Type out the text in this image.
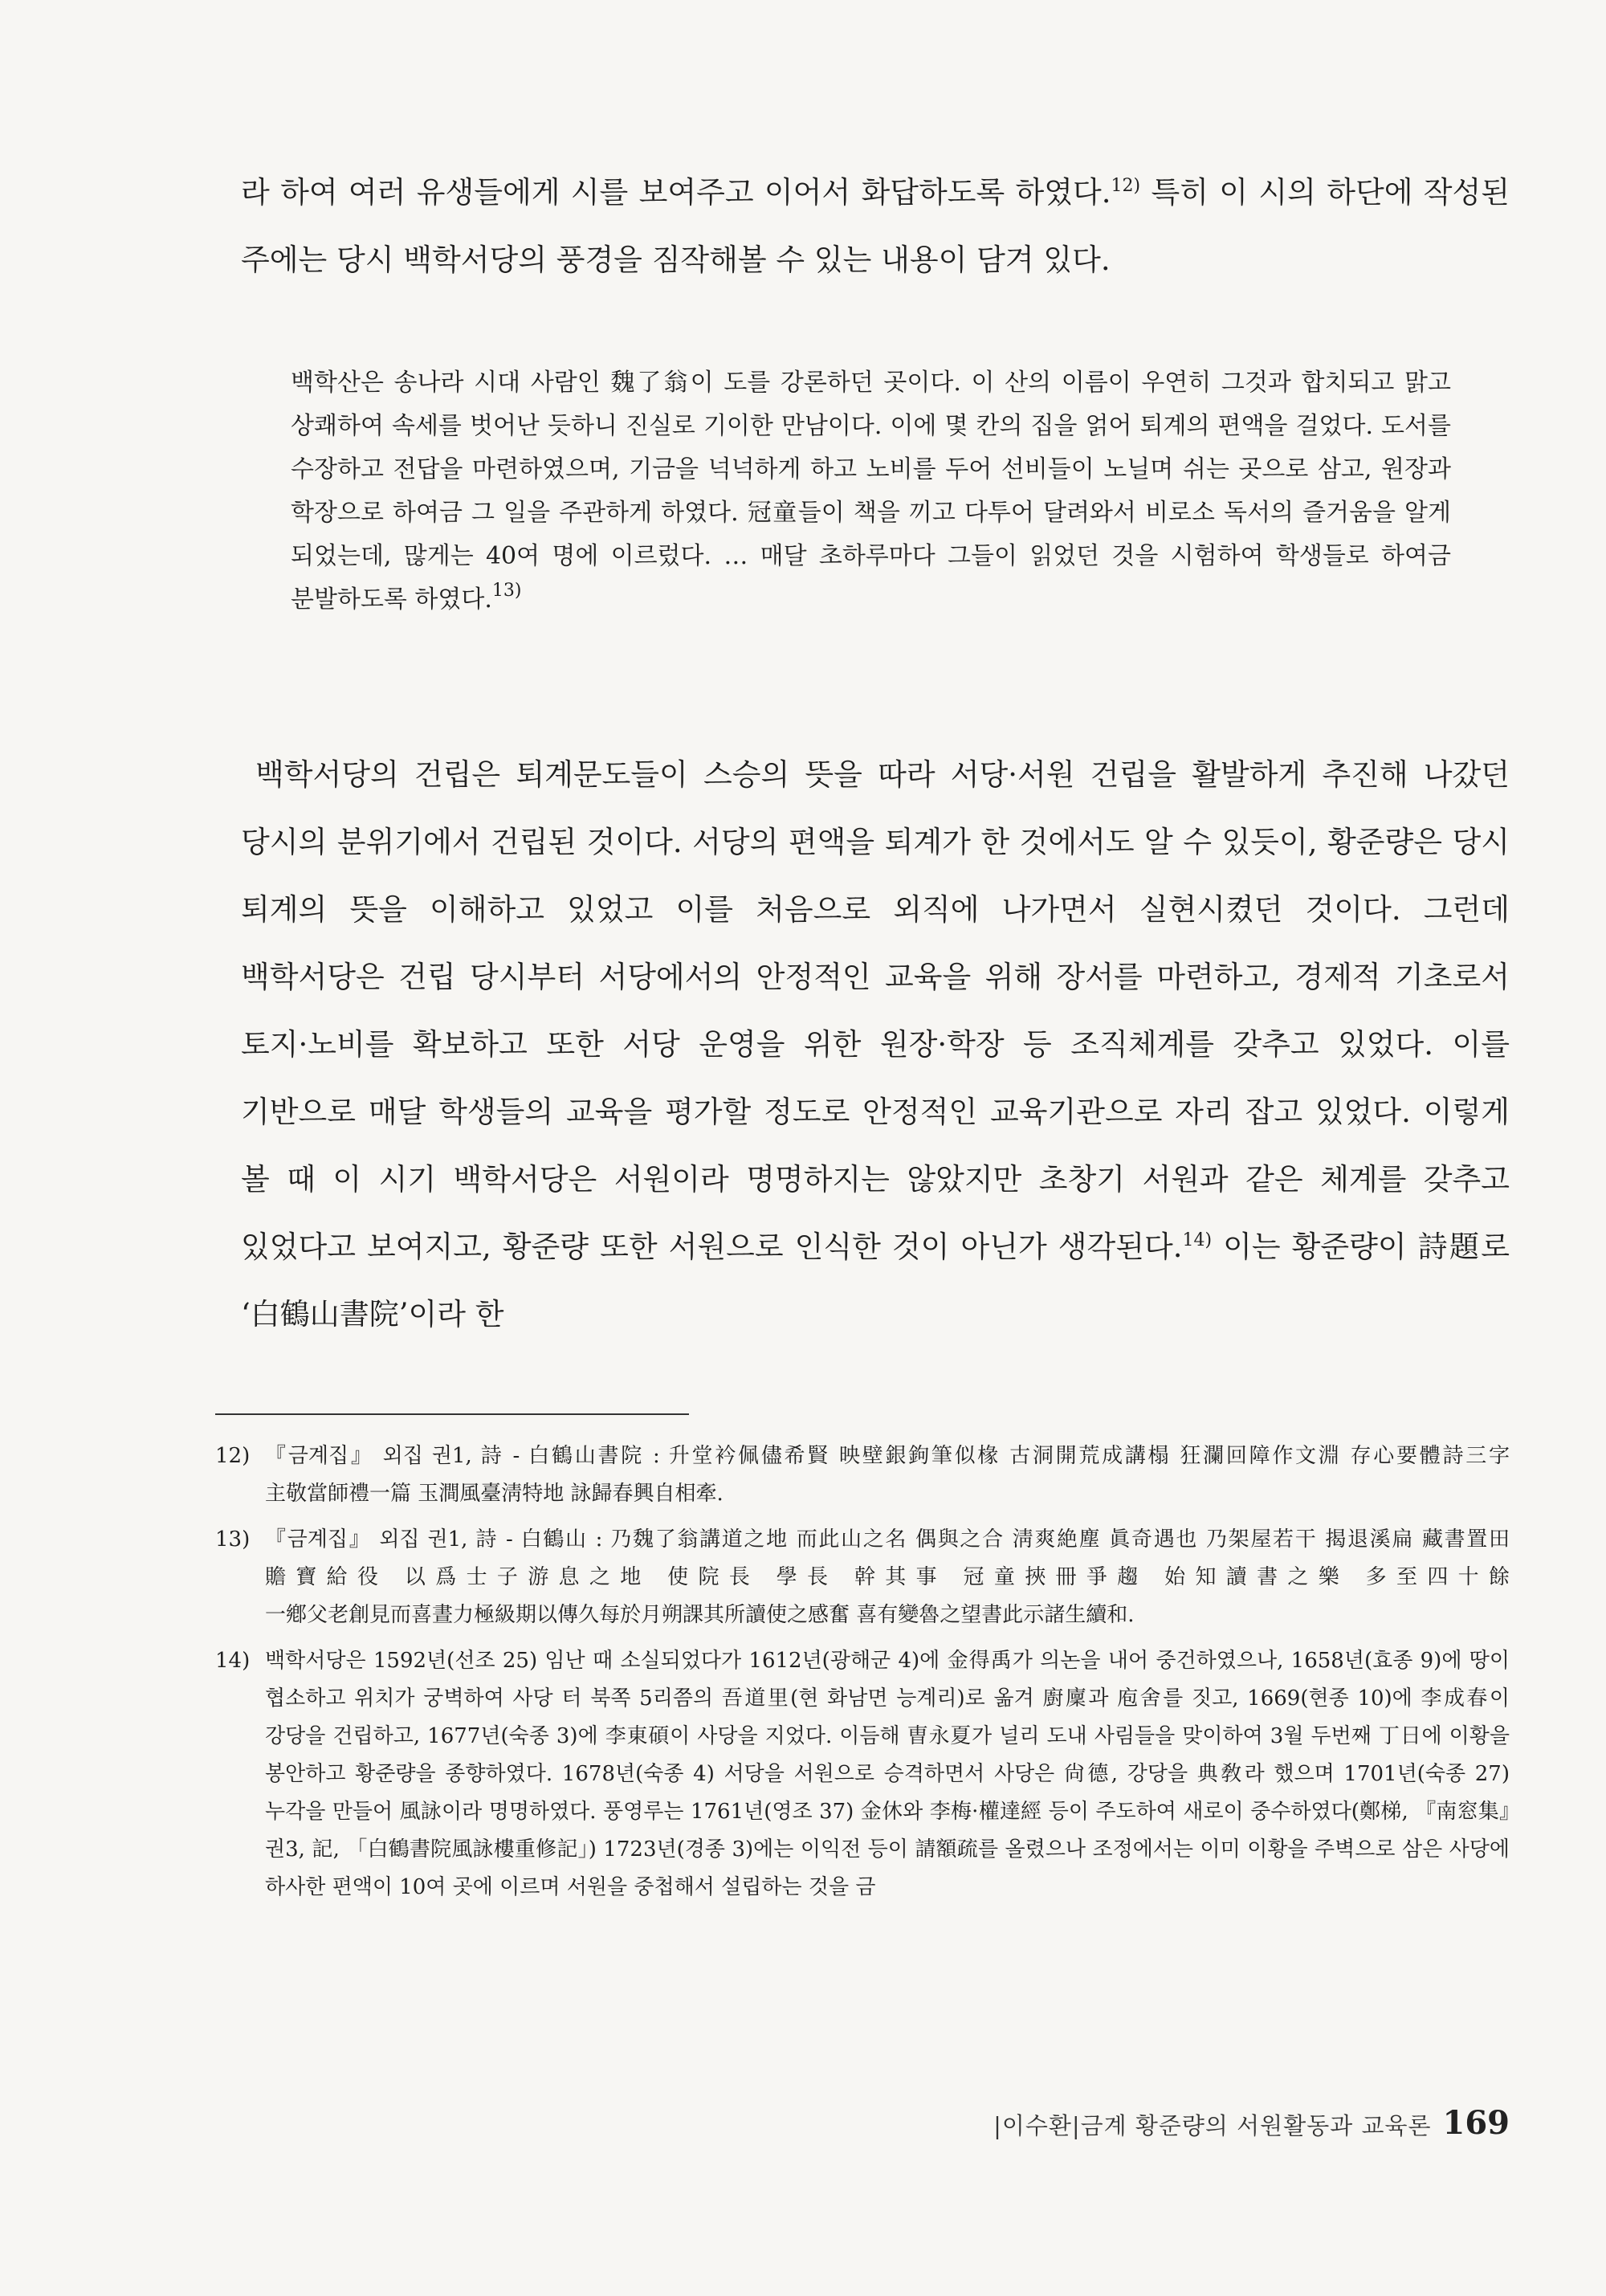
라 하여 여러 유생들에게 시를 보여주고 이어서 화답하도록 하였다.$^{12)}$ 특히 이 시의 하단에 작성된 주에는 당시 백학서당의 풍경을 짐작해볼 수 있는 내용이 담겨 있다.

백학산은 송나라 시대 사람인 魏了翁이 도를 강론하던 곳이다. 이 산의 이름이 우연히 그것과 합치되고 맑고 상쾌하여 속세를 벗어난 듯하니 진실로 기이한 만남이다. 이에 몇 칸의 집을 얽어 퇴계의 편액을 걸었다. 도서를 수장하고 전답을 마련하였으며, 기금을 넉넉하게 하고 노비를 두어 선비들이 노닐며 쉬는 곳으로 삼고, 원장과 학장으로 하여금 그 일을 주관하게 하였다. 冠童들이 책을 끼고 다투어 달려와서 비로소 독서의 즐거움을 알게 되었는데, 많게는 40여 명에 이르렀다. … 매달 초하루마다 그들이 읽었던 것을 시험하여 학생들로 하여금 분발하도록 하였다.$^{13)}$

백학서당의 건립은 퇴계문도들이 스승의 뜻을 따라 서당·서원 건립을 활발하게 추진해 나갔던 당시의 분위기에서 건립된 것이다. 서당의 편액을 퇴계가 한 것에서도 알 수 있듯이, 황준량은 당시 퇴계의 뜻을 이해하고 있었고 이를 처음으로 외직에 나가면서 실현시켰던 것이다. 그런데 백학서당은 건립 당시부터 서당에서의 안정적인 교육을 위해 장서를 마련하고, 경제적 기초로서 토지·노비를 확보하고 또한 서당 운영을 위한 원장·학장 등 조직체계를 갖추고 있었다. 이를 기반으로 매달 학생들의 교육을 평가할 정도로 안정적인 교육기관으로 자리 잡고 있었다. 이렇게 볼 때 이 시기 백학서당은 서원이라 명명하지는 않았지만 초창기 서원과 같은 체계를 갖추고 있었다고 보여지고, 황준량 또한 서원으로 인식한 것이 아닌가 생각된다.$^{14)}$ 이는 황준량이 詩題로 ‘白鶴山書院’이라 한

12) 『금계집』 외집 권1, 詩 - 白鶴山書院 : 升堂衿佩儘希賢 映壁銀鉤筆似椽 古洞開荒成講榻 狂瀾回障作文淵 存心要體詩三字 主敬當師禮一篇 玉澗風臺淸特地 詠歸春興自相牽.
13) 『금계집』 외집 권1, 詩 - 白鶴山 : 乃魏了翁講道之地 而此山之名 偶與之合 淸爽絶塵 眞奇遇也 乃架屋若干 揭退溪扁 藏書置田 贍寶給役 以爲士子游息之地 使院長 學長 幹其事 冠童挾冊爭趨 始知讀書之樂 多至四十餘 一鄕父老創見而喜晝力極級期以傳久每於月朔課其所讀使之感奮 喜有變魯之望書此示諸生續和.
14) 백학서당은 1592년(선조 25) 임난 때 소실되었다가 1612년(광해군 4)에 金得禹가 의논을 내어 중건하였으나, 1658년(효종 9)에 땅이 협소하고 위치가 궁벽하여 사당 터 북쪽 5리쯤의 吾道里(현 화남면 능계리)로 옮겨 廚廩과 庖舍를 짓고, 1669(현종 10)에 李成春이 강당을 건립하고, 1677년(숙종 3)에 李東碩이 사당을 지었다. 이듬해 曺永夏가 널리 도내 사림들을 맞이하여 3월 두번째 丁日에 이황을 봉안하고 황준량을 종향하였다. 1678년(숙종 4) 서당을 서원으로 승격하면서 사당은 尙德, 강당을 典敎라 했으며 1701년(숙종 27) 누각을 만들어 風詠이라 명명하였다. 풍영루는 1761년(영조 37) 金休와 李梅·權達經 등이 주도하여 새로이 중수하였다(鄭梯, 『南窓集』권3, 記, 「白鶴書院風詠樓重修記」) 1723년(경종 3)에는 이익전 등이 請額疏를 올렸으나 조정에서는 이미 이황을 주벽으로 삼은 사당에 하사한 편액이 10여 곳에 이르며 서원을 중첩해서 설립하는 것을 금
|이수환|금계 황준량의 서원활동과 교육론 169
